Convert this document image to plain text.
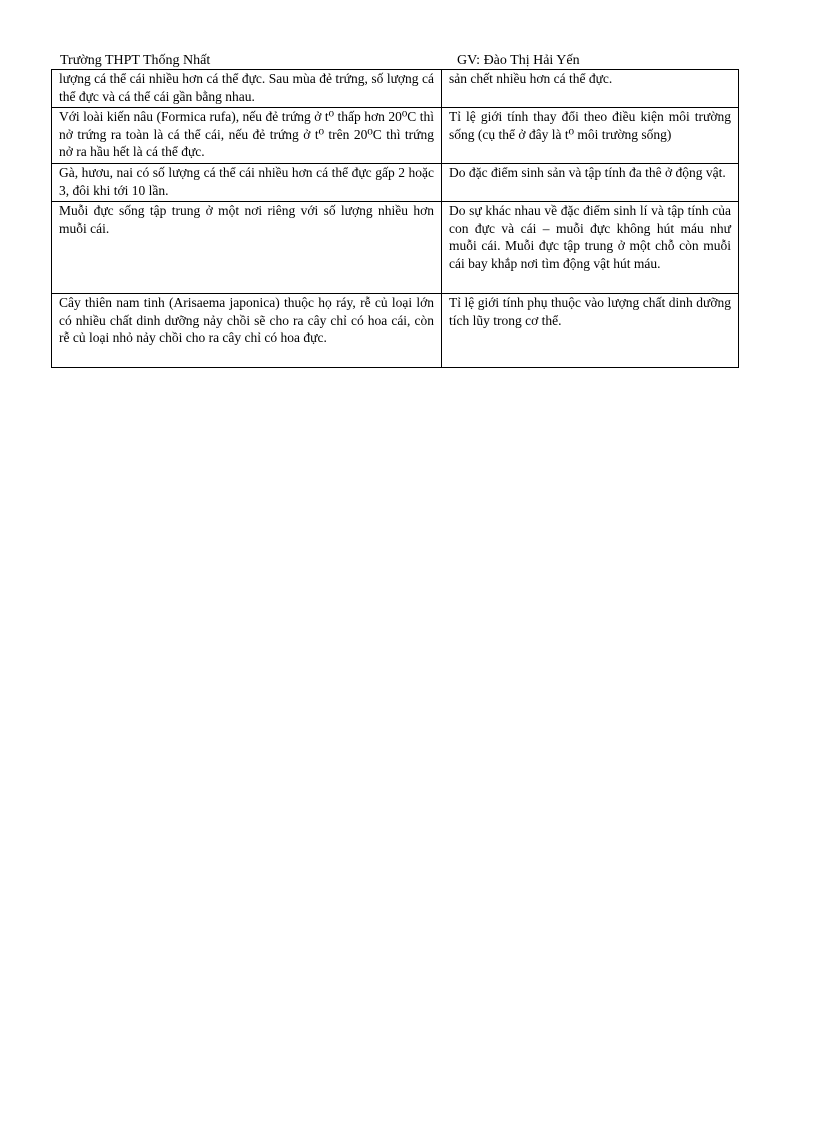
Trường THPT Thống Nhất	GV: Đào Thị Hải Yến
lượng cá thể cái nhiều hơn cá thể đực. Sau mùa đẻ trứng, số lượng cá thể đực và cá thể cái gần bằng nhau.	sản chết nhiều hơn cá thể đực.
Với loài kiến nâu (Formica rufa), nếu đẻ trứng ở t⁰ thấp hơn 20⁰C thì nở trứng ra toàn là cá thể cái, nếu đẻ trứng ở t⁰ trên 20⁰C thì trứng nở ra hầu hết là cá thể đực.	Tỉ lệ giới tính thay đổi theo điều kiện môi trường sống (cụ thể ở đây là t⁰ môi trường sống)
Gà, hươu, nai có số lượng cá thể cái nhiều hơn cá thể đực gấp 2 hoặc 3, đôi khi tới 10 lần.	Do đặc điểm sinh sản và tập tính đa thê ở động vật.
Muỗi đực sống tập trung ở một nơi riêng với số lượng nhiều hơn muỗi cái.	Do sự khác nhau về đặc điểm sinh lí và tập tính của con đực và cái – muỗi đực không hút máu như muỗi cái. Muỗi đực tập trung ở một chỗ còn muỗi cái bay khắp nơi tìm động vật hút máu.
Cây thiên nam tinh (Arisaema japonica) thuộc họ ráy, rễ củ loại lớn có nhiều chất dinh dưỡng nảy chồi sẽ cho ra cây chỉ có hoa cái, còn rễ củ loại nhỏ nảy chồi cho ra cây chỉ có hoa đực.	Tỉ lệ giới tính phụ thuộc vào lượng chất dinh dưỡng tích lũy trong cơ thể.
